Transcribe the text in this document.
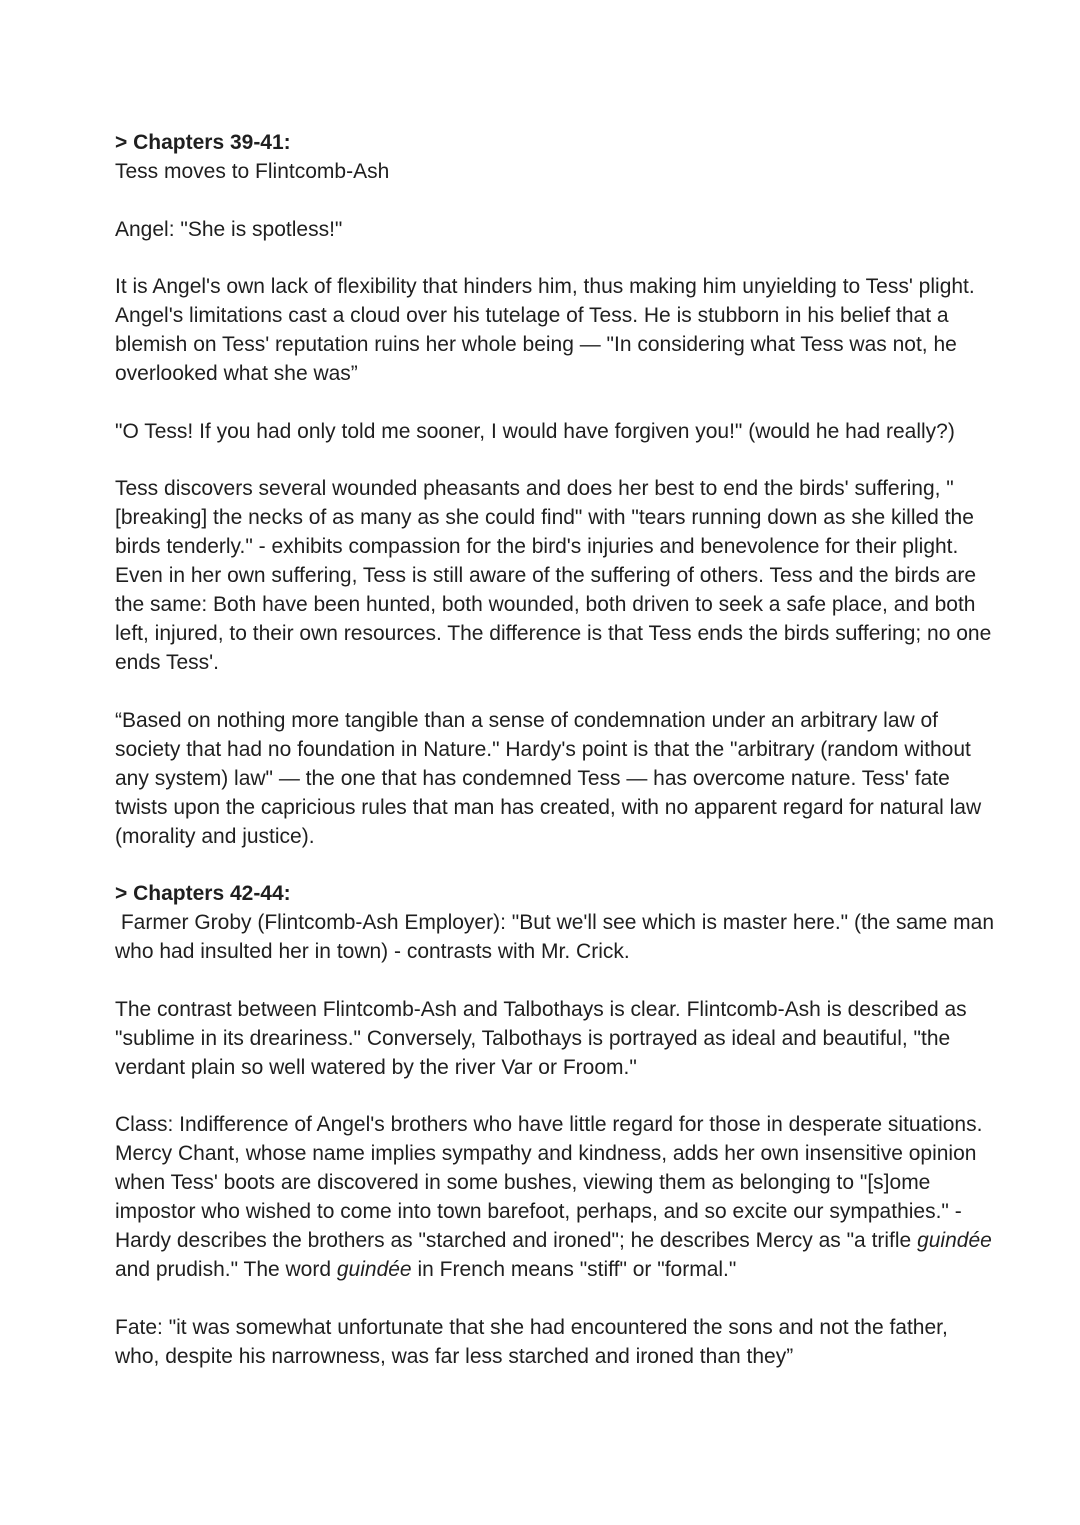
> Chapters 39-41:
Tess moves to Flintcomb-Ash

Angel: "She is spotless!"

It is Angel's own lack of flexibility that hinders him, thus making him unyielding to Tess' plight. Angel's limitations cast a cloud over his tutelage of Tess. He is stubborn in his belief that a blemish on Tess' reputation ruins her whole being — "In considering what Tess was not, he overlooked what she was”

"O Tess! If you had only told me sooner, I would have forgiven you!" (would he had really?)

Tess discovers several wounded pheasants and does her best to end the birds' suffering, "[breaking] the necks of as many as she could find" with "tears running down as she killed the birds tenderly." - exhibits compassion for the bird's injuries and benevolence for their plight. Even in her own suffering, Tess is still aware of the suffering of others. Tess and the birds are the same: Both have been hunted, both wounded, both driven to seek a safe place, and both left, injured, to their own resources. The difference is that Tess ends the birds suffering; no one ends Tess'.

“Based on nothing more tangible than a sense of condemnation under an arbitrary law of society that had no foundation in Nature." Hardy's point is that the "arbitrary (random without any system) law" — the one that has condemned Tess — has overcome nature. Tess' fate twists upon the capricious rules that man has created, with no apparent regard for natural law (morality and justice).

> Chapters 42-44:
Farmer Groby (Flintcomb-Ash Employer): "But we'll see which is master here." (the same man who had insulted her in town) - contrasts with Mr. Crick.

The contrast between Flintcomb-Ash and Talbothays is clear. Flintcomb-Ash is described as "sublime in its dreariness." Conversely, Talbothays is portrayed as ideal and beautiful, "the verdant plain so well watered by the river Var or Froom."

Class: Indifference of Angel's brothers who have little regard for those in desperate situations. Mercy Chant, whose name implies sympathy and kindness, adds her own insensitive opinion when Tess' boots are discovered in some bushes, viewing them as belonging to "[s]ome impostor who wished to come into town barefoot, perhaps, and so excite our sympathies." -  Hardy describes the brothers as "starched and ironed"; he describes Mercy as "a trifle guindée and prudish." The word guindée in French means "stiff" or "formal."

Fate: "it was somewhat unfortunate that she had encountered the sons and not the father, who, despite his narrowness, was far less starched and ironed than they”
